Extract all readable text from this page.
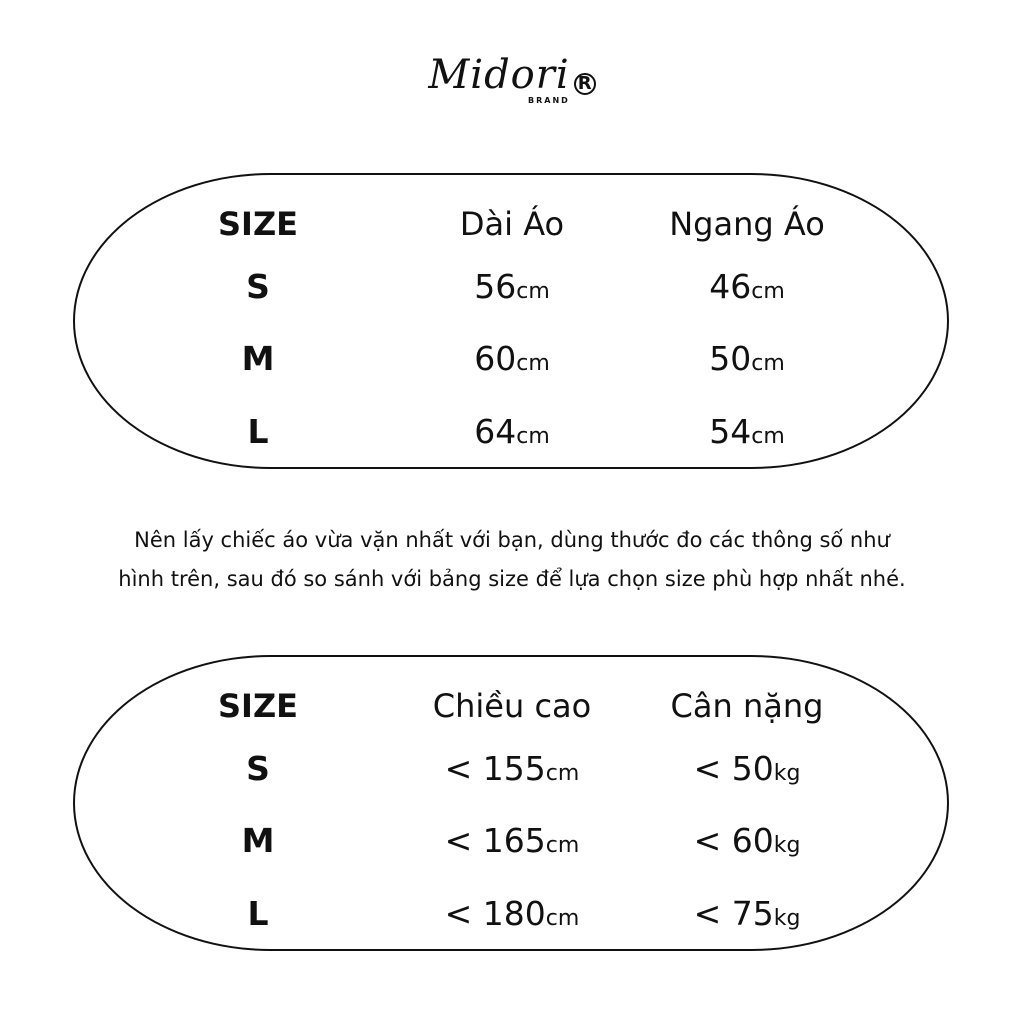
Midori R
BRAND
SIZE	Dài Áo	Ngang Áo
S	56cm	46cm
M	60cm	50cm
L	64cm	54cm
Nên lấy chiếc áo vừa vặn nhất với bạn, dùng thước đo các thông số như
hình trên, sau đó so sánh với bảng size để lựa chọn size phù hợp nhất nhé.
SIZE	Chiều cao	Cân nặng
S	< 155cm	< 50kg
M	< 165cm	< 60kg
L	< 180cm	< 75kg
